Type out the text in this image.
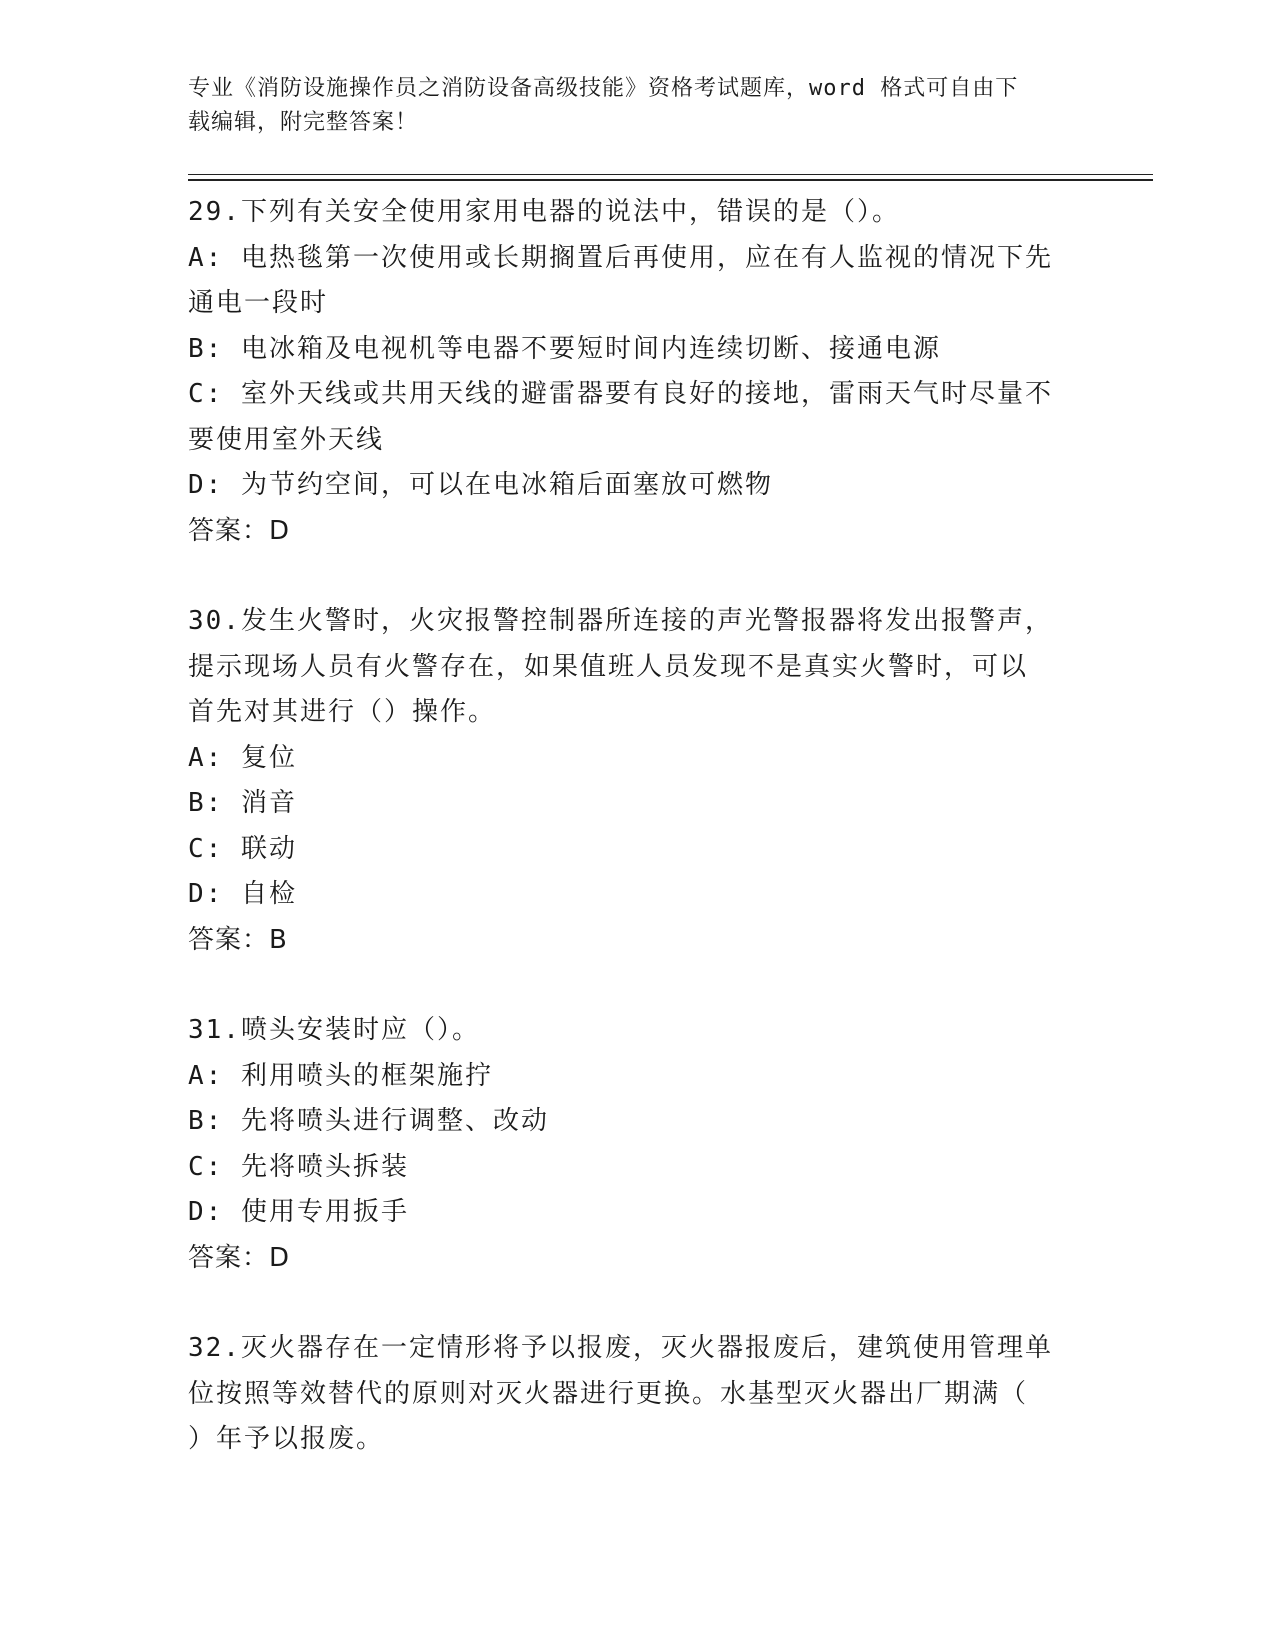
专业《消防设施操作员之消防设备高级技能》资格考试题库，word 格式可自由下
载编辑，附完整答案！
29.下列有关安全使用家用电器的说法中，错误的是（）。
A: 电热毯第一次使用或长期搁置后再使用，应在有人监视的情况下先
通电一段时
B: 电冰箱及电视机等电器不要短时间内连续切断、接通电源
C: 室外天线或共用天线的避雷器要有良好的接地，雷雨天气时尽量不
要使用室外天线
D: 为节约空间，可以在电冰箱后面塞放可燃物
答案：D
30.发生火警时，火灾报警控制器所连接的声光警报器将发出报警声，
提示现场人员有火警存在，如果值班人员发现不是真实火警时，可以
首先对其进行（）操作。
A: 复位
B: 消音
C: 联动
D: 自检
答案：B
31.喷头安装时应（）。
A: 利用喷头的框架施拧
B: 先将喷头进行调整、改动
C: 先将喷头拆装
D: 使用专用扳手
答案：D
32.灭火器存在一定情形将予以报废，灭火器报废后，建筑使用管理单
位按照等效替代的原则对灭火器进行更换。水基型灭火器出厂期满（
）年予以报废。
